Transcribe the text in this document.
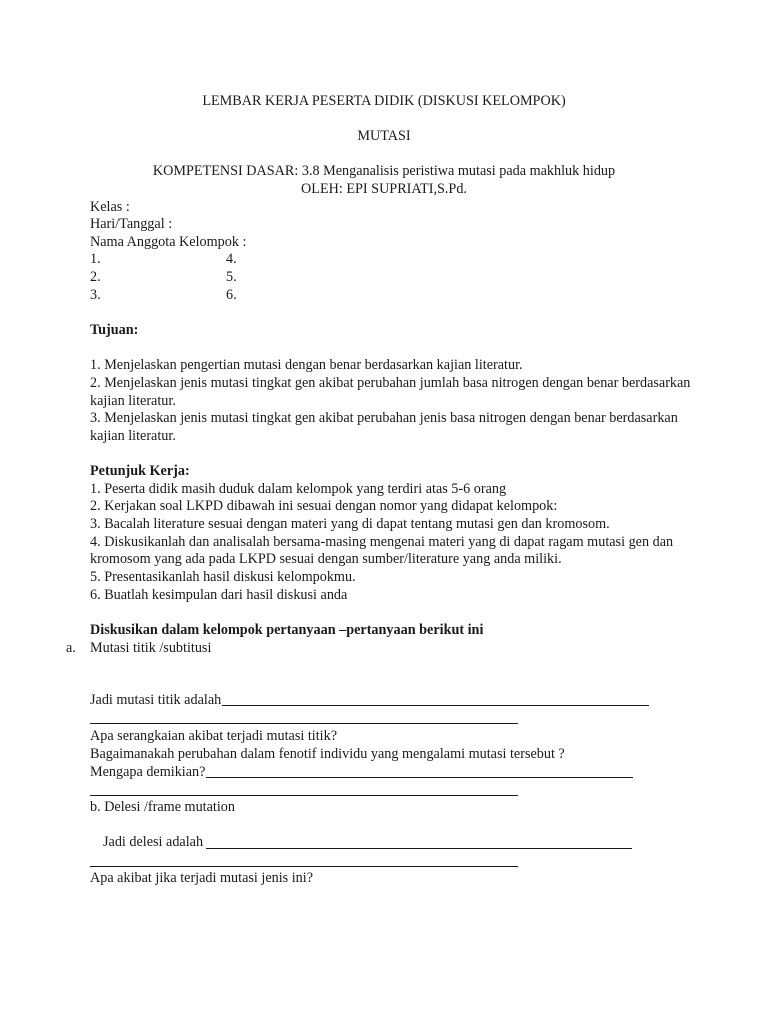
LEMBAR KERJA PESERTA DIDIK (DISKUSI KELOMPOK)
MUTASI
KOMPETENSI DASAR: 3.8 Menganalisis peristiwa mutasi pada makhluk hidup
OLEH: EPI SUPRIATI,S.Pd.
Kelas :
Hari/Tanggal :
Nama Anggota Kelompok :
1.	4.
2.	5.
3.	6.
Tujuan:
1. Menjelaskan pengertian mutasi dengan benar berdasarkan kajian literatur.
2. Menjelaskan jenis mutasi tingkat gen akibat perubahan jumlah basa nitrogen dengan benar berdasarkan
kajian literatur.
3. Menjelaskan jenis mutasi tingkat gen akibat perubahan jenis basa nitrogen dengan benar berdasarkan
kajian literatur.
Petunjuk Kerja:
1. Peserta didik masih duduk dalam kelompok yang terdiri atas 5-6 orang
2. Kerjakan soal LKPD dibawah ini sesuai dengan nomor yang didapat kelompok:
3. Bacalah literature sesuai dengan materi yang di dapat tentang mutasi gen dan kromosom.
4. Diskusikanlah dan analisalah bersama-masing mengenai materi yang di dapat ragam mutasi gen dan
kromosom yang ada pada LKPD sesuai dengan sumber/literature yang anda miliki.
5. Presentasikanlah hasil diskusi kelompokmu.
6. Buatlah kesimpulan dari hasil diskusi anda
Diskusikan dalam kelompok pertanyaan –pertanyaan berikut ini
a. Mutasi titik /subtitusi
Jadi mutasi titik adalah
Apa serangkaian akibat terjadi mutasi titik?
Bagaimanakah perubahan dalam fenotif individu yang mengalami mutasi tersebut ?
Mengapa demikian?
b. Delesi /frame mutation
Jadi delesi adalah
Apa akibat jika terjadi mutasi jenis ini?
